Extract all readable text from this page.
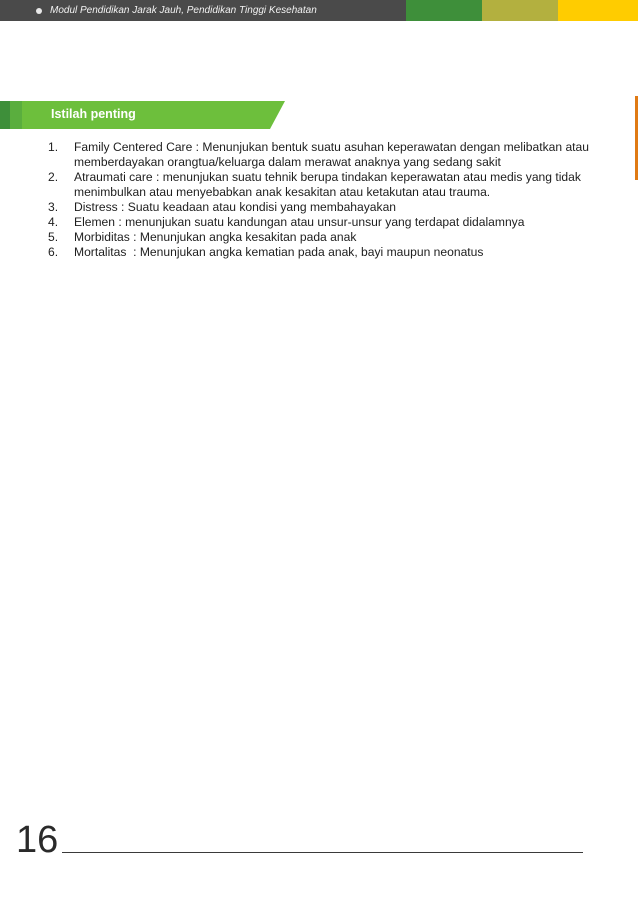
Modul Pendidikan Jarak Jauh, Pendidikan Tinggi Kesehatan
Istilah penting
1.	Family Centered Care : Menunjukan bentuk suatu asuhan keperawatan dengan melibatkan atau memberdayakan orangtua/keluarga dalam merawat anaknya yang sedang sakit
2.	Atraumati care : menunjukan suatu tehnik berupa tindakan keperawatan atau medis yang tidak menimbulkan atau menyebabkan anak kesakitan atau ketakutan atau trauma.
3.	Distress : Suatu keadaan atau kondisi yang membahayakan
4.	Elemen : menunjukan suatu kandungan atau unsur-unsur yang terdapat didalamnya
5.	Morbiditas : Menunjukan angka kesakitan pada anak
6.	Mortalitas  : Menunjukan angka kematian pada anak, bayi maupun neonatus
16
